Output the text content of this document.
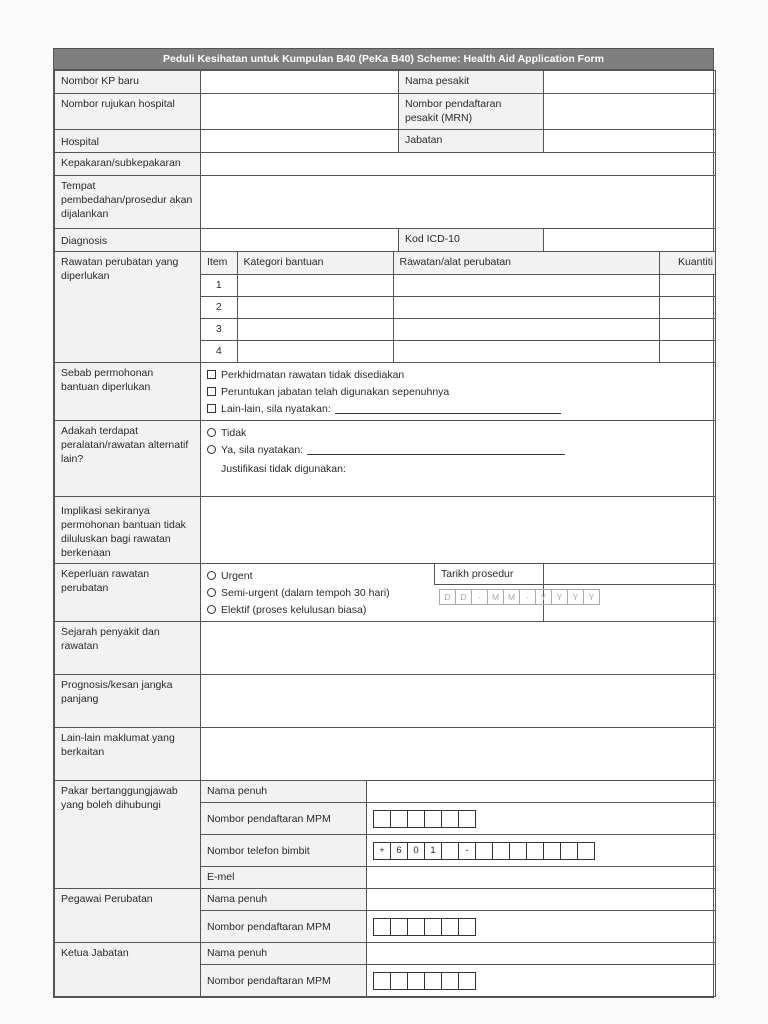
Peduli Kesihatan untuk Kumpulan B40 (PeKa B40) Scheme: Health Aid Application Form
Nombor KP baru		Nama pesakit	
Nombor rujukan hospital		Nombor pendaftaran pesakit (MRN)	
Hospital		Jabatan	
Kepakaran/subkepakaran	
Tempat pembedahan/prosedur akan dijalankan	
Diagnosis		Kod ICD-10	
Rawatan perubatan yang diperlukan	
Item	Kategori bantuan	Rawatan/alat perubatan	Kuantiti
1			
2			
3			
4			

Sebab permohonan bantuan diperlukan	
Perkhidmatan rawatan tidak disediakan
Peruntukan jabatan telah digunakan sepenuhnya
Lain-lain, sila nyatakan:

Adakah terdapat peralatan/rawatan alternatif lain?	
Tidak
Ya, sila nyatakan:
Justifikasi tidak digunakan:

Implikasi sekiranya permohonan bantuan tidak diluluskan bagi rawatan berkenaan	
Keperluan rawatan perubatan	
Urgent
Semi-urgent (dalam tempoh 30 hari)
Elektif (proses kelulusan biasa)

Tarikh prosedur
D	D	-	M	M	-	Y	Y	Y	Y

Sejarah penyakit dan rawatan	
Prognosis/kesan jangka panjang	
Lain-lain maklumat yang berkaitan	
Pakar bertanggungjawab yang boleh dihubungi	Nama penuh	
Nombor pendaftaran MPM	

Nombor telefon bimbit	+	6	0	1	-

E-mel	
Pegawai Perubatan	Nama penuh	
Nombor pendaftaran MPM	

Ketua Jabatan	Nama penuh	
Nombor pendaftaran MPM	
